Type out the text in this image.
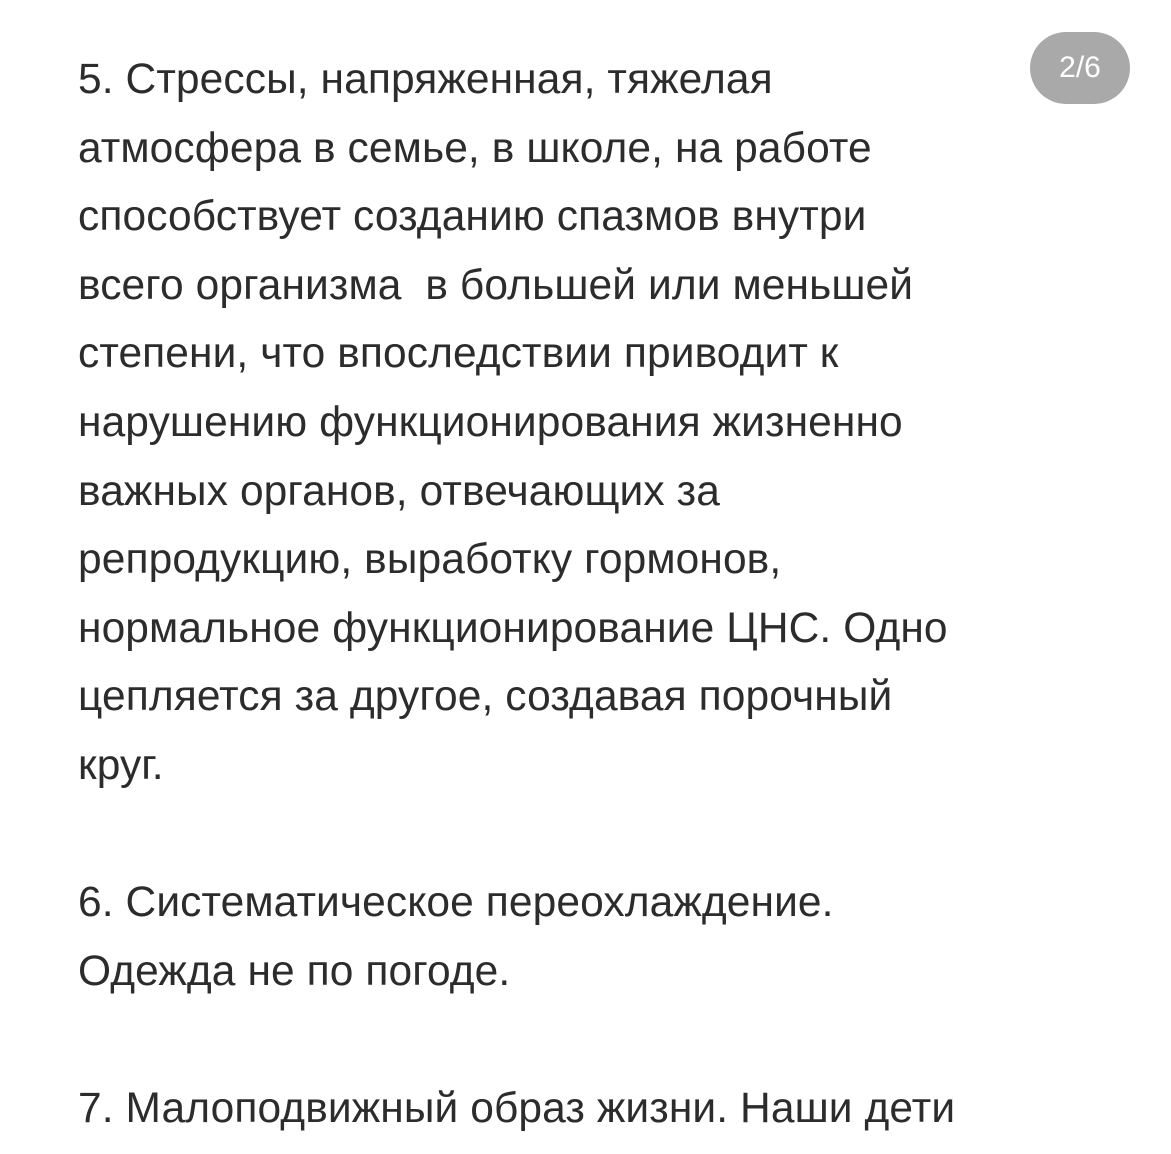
2/6
5. Стрессы, напряженная, тяжелая
атмосфера в семье, в школе, на работе
способствует созданию спазмов внутри
всего организма  в большей или меньшей
степени, что впоследствии приводит к
нарушению функционирования жизненно
важных органов, отвечающих за
репродукцию, выработку гормонов,
нормальное функционирование ЦНС. Одно
цепляется за другое, создавая порочный
круг.
6. Систематическое переохлаждение.
Одежда не по погоде.
7. Малоподвижный образ жизни. Наши дети
